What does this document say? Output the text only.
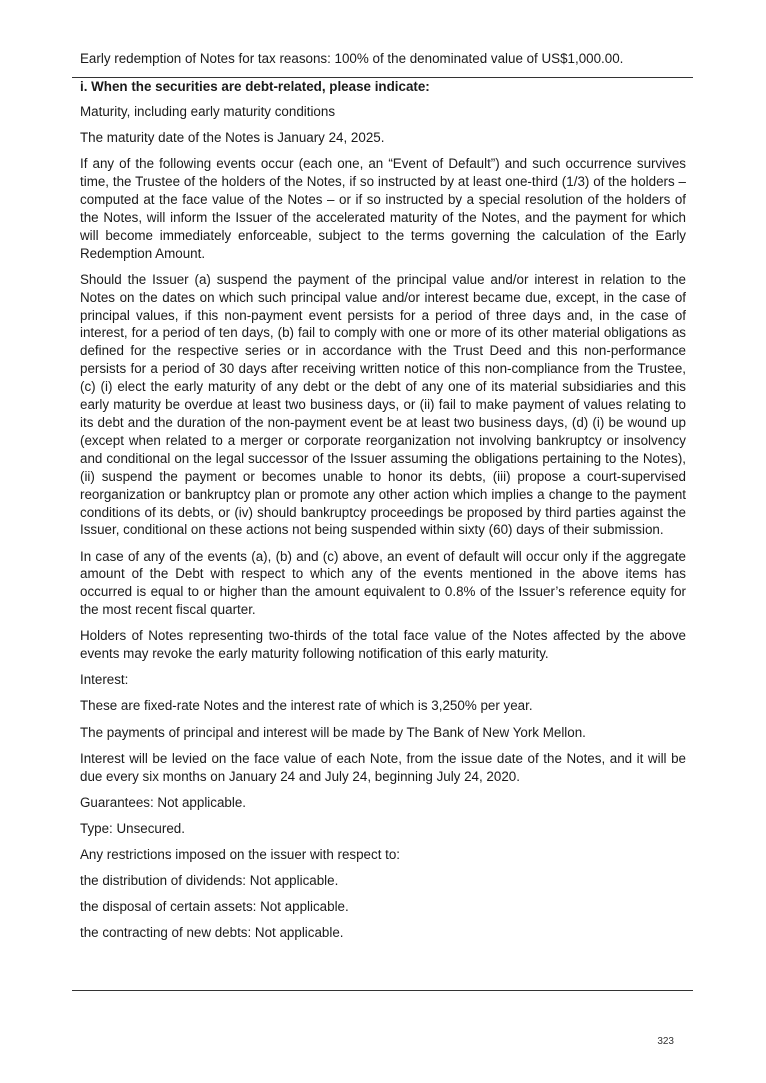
Early redemption of Notes for tax reasons: 100% of the denominated value of US$1,000.00.

i. When the securities are debt-related, please indicate:

Maturity, including early maturity conditions

The maturity date of the Notes is January 24, 2025.

If any of the following events occur (each one, an “Event of Default”) and such occurrence survives time, the Trustee of the holders of the Notes, if so instructed by at least one-third (1/3) of the holders – computed at the face value of the Notes – or if so instructed by a special resolution of the holders of the Notes, will inform the Issuer of the accelerated maturity of the Notes, and the payment for which will become immediately enforceable, subject to the terms governing the calculation of the Early Redemption Amount.

Should the Issuer (a) suspend the payment of the principal value and/or interest in relation to the Notes on the dates on which such principal value and/or interest became due, except, in the case of principal values, if this non-payment event persists for a period of three days and, in the case of interest, for a period of ten days, (b) fail to comply with one or more of its other material obligations as defined for the respective series or in accordance with the Trust Deed and this non-performance persists for a period of 30 days after receiving written notice of this non-compliance from the Trustee, (c) (i) elect the early maturity of any debt or the debt of any one of its material subsidiaries and this early maturity be overdue at least two business days, or (ii) fail to make payment of values relating to its debt and the duration of the non-payment event be at least two business days, (d) (i) be wound up (except when related to a merger or corporate reorganization not involving bankruptcy or insolvency and conditional on the legal successor of the Issuer assuming the obligations pertaining to the Notes), (ii) suspend the payment or becomes unable to honor its debts, (iii) propose a court-supervised reorganization or bankruptcy plan or promote any other action which implies a change to the payment conditions of its debts, or (iv) should bankruptcy proceedings be proposed by third parties against the Issuer, conditional on these actions not being suspended within sixty (60) days of their submission.

In case of any of the events (a), (b) and (c) above, an event of default will occur only if the aggregate amount of the Debt with respect to which any of the events mentioned in the above items has occurred is equal to or higher than the amount equivalent to 0.8% of the Issuer’s reference equity for the most recent fiscal quarter.

Holders of Notes representing two-thirds of the total face value of the Notes affected by the above events may revoke the early maturity following notification of this early maturity.

Interest:

These are fixed-rate Notes and the interest rate of which is 3,250% per year.

The payments of principal and interest will be made by The Bank of New York Mellon.

Interest will be levied on the face value of each Note, from the issue date of the Notes, and it will be due every six months on January 24 and July 24, beginning July 24, 2020.

Guarantees: Not applicable.

Type: Unsecured.

Any restrictions imposed on the issuer with respect to:

the distribution of dividends: Not applicable.

the disposal of certain assets: Not applicable.

the contracting of new debts: Not applicable.

323
